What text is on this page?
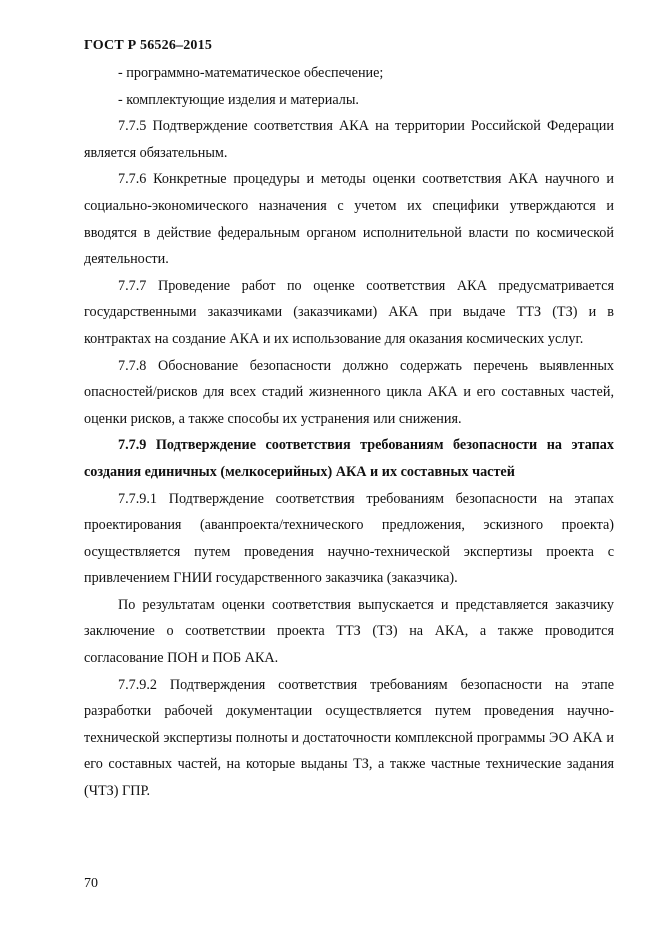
ГОСТ Р 56526–2015

- программно-математическое обеспечение;

- комплектующие изделия и материалы.

7.7.5 Подтверждение соответствия АКА на территории Российской Федерации является обязательным.

7.7.6 Конкретные процедуры и методы оценки соответствия АКА научного и социально-экономического назначения с учетом их специфики утверждаются и вводятся в действие федеральным органом исполнительной власти по космической деятельности.

7.7.7 Проведение работ по оценке соответствия АКА предусматривается государственными заказчиками (заказчиками) АКА при выдаче ТТЗ (ТЗ) и в контрактах на создание АКА и их использование для оказания космических услуг.

7.7.8 Обоснование безопасности должно содержать перечень выявленных опасностей/рисков для всех стадий жизненного цикла АКА и его составных частей, оценки рисков, а также способы их устранения или снижения.

7.7.9 Подтверждение соответствия требованиям безопасности на этапах создания единичных (мелкосерийных) АКА и их составных частей

7.7.9.1 Подтверждение соответствия требованиям безопасности на этапах проектирования (аванпроекта/технического предложения, эскизного проекта) осуществляется путем проведения научно-технической экспертизы проекта с привлечением ГНИИ государственного заказчика (заказчика).

По результатам оценки соответствия выпускается и представляется заказчику заключение о соответствии проекта ТТЗ (ТЗ) на АКА, а также проводится согласование ПОН и ПОБ АКА.

7.7.9.2 Подтверждения соответствия требованиям безопасности на этапе разработки рабочей документации осуществляется путем проведения научно-технической экспертизы полноты и достаточности комплексной программы ЭО АКА и его составных частей, на которые выданы ТЗ, а также частные технические задания (ЧТЗ) ГПР.

70
